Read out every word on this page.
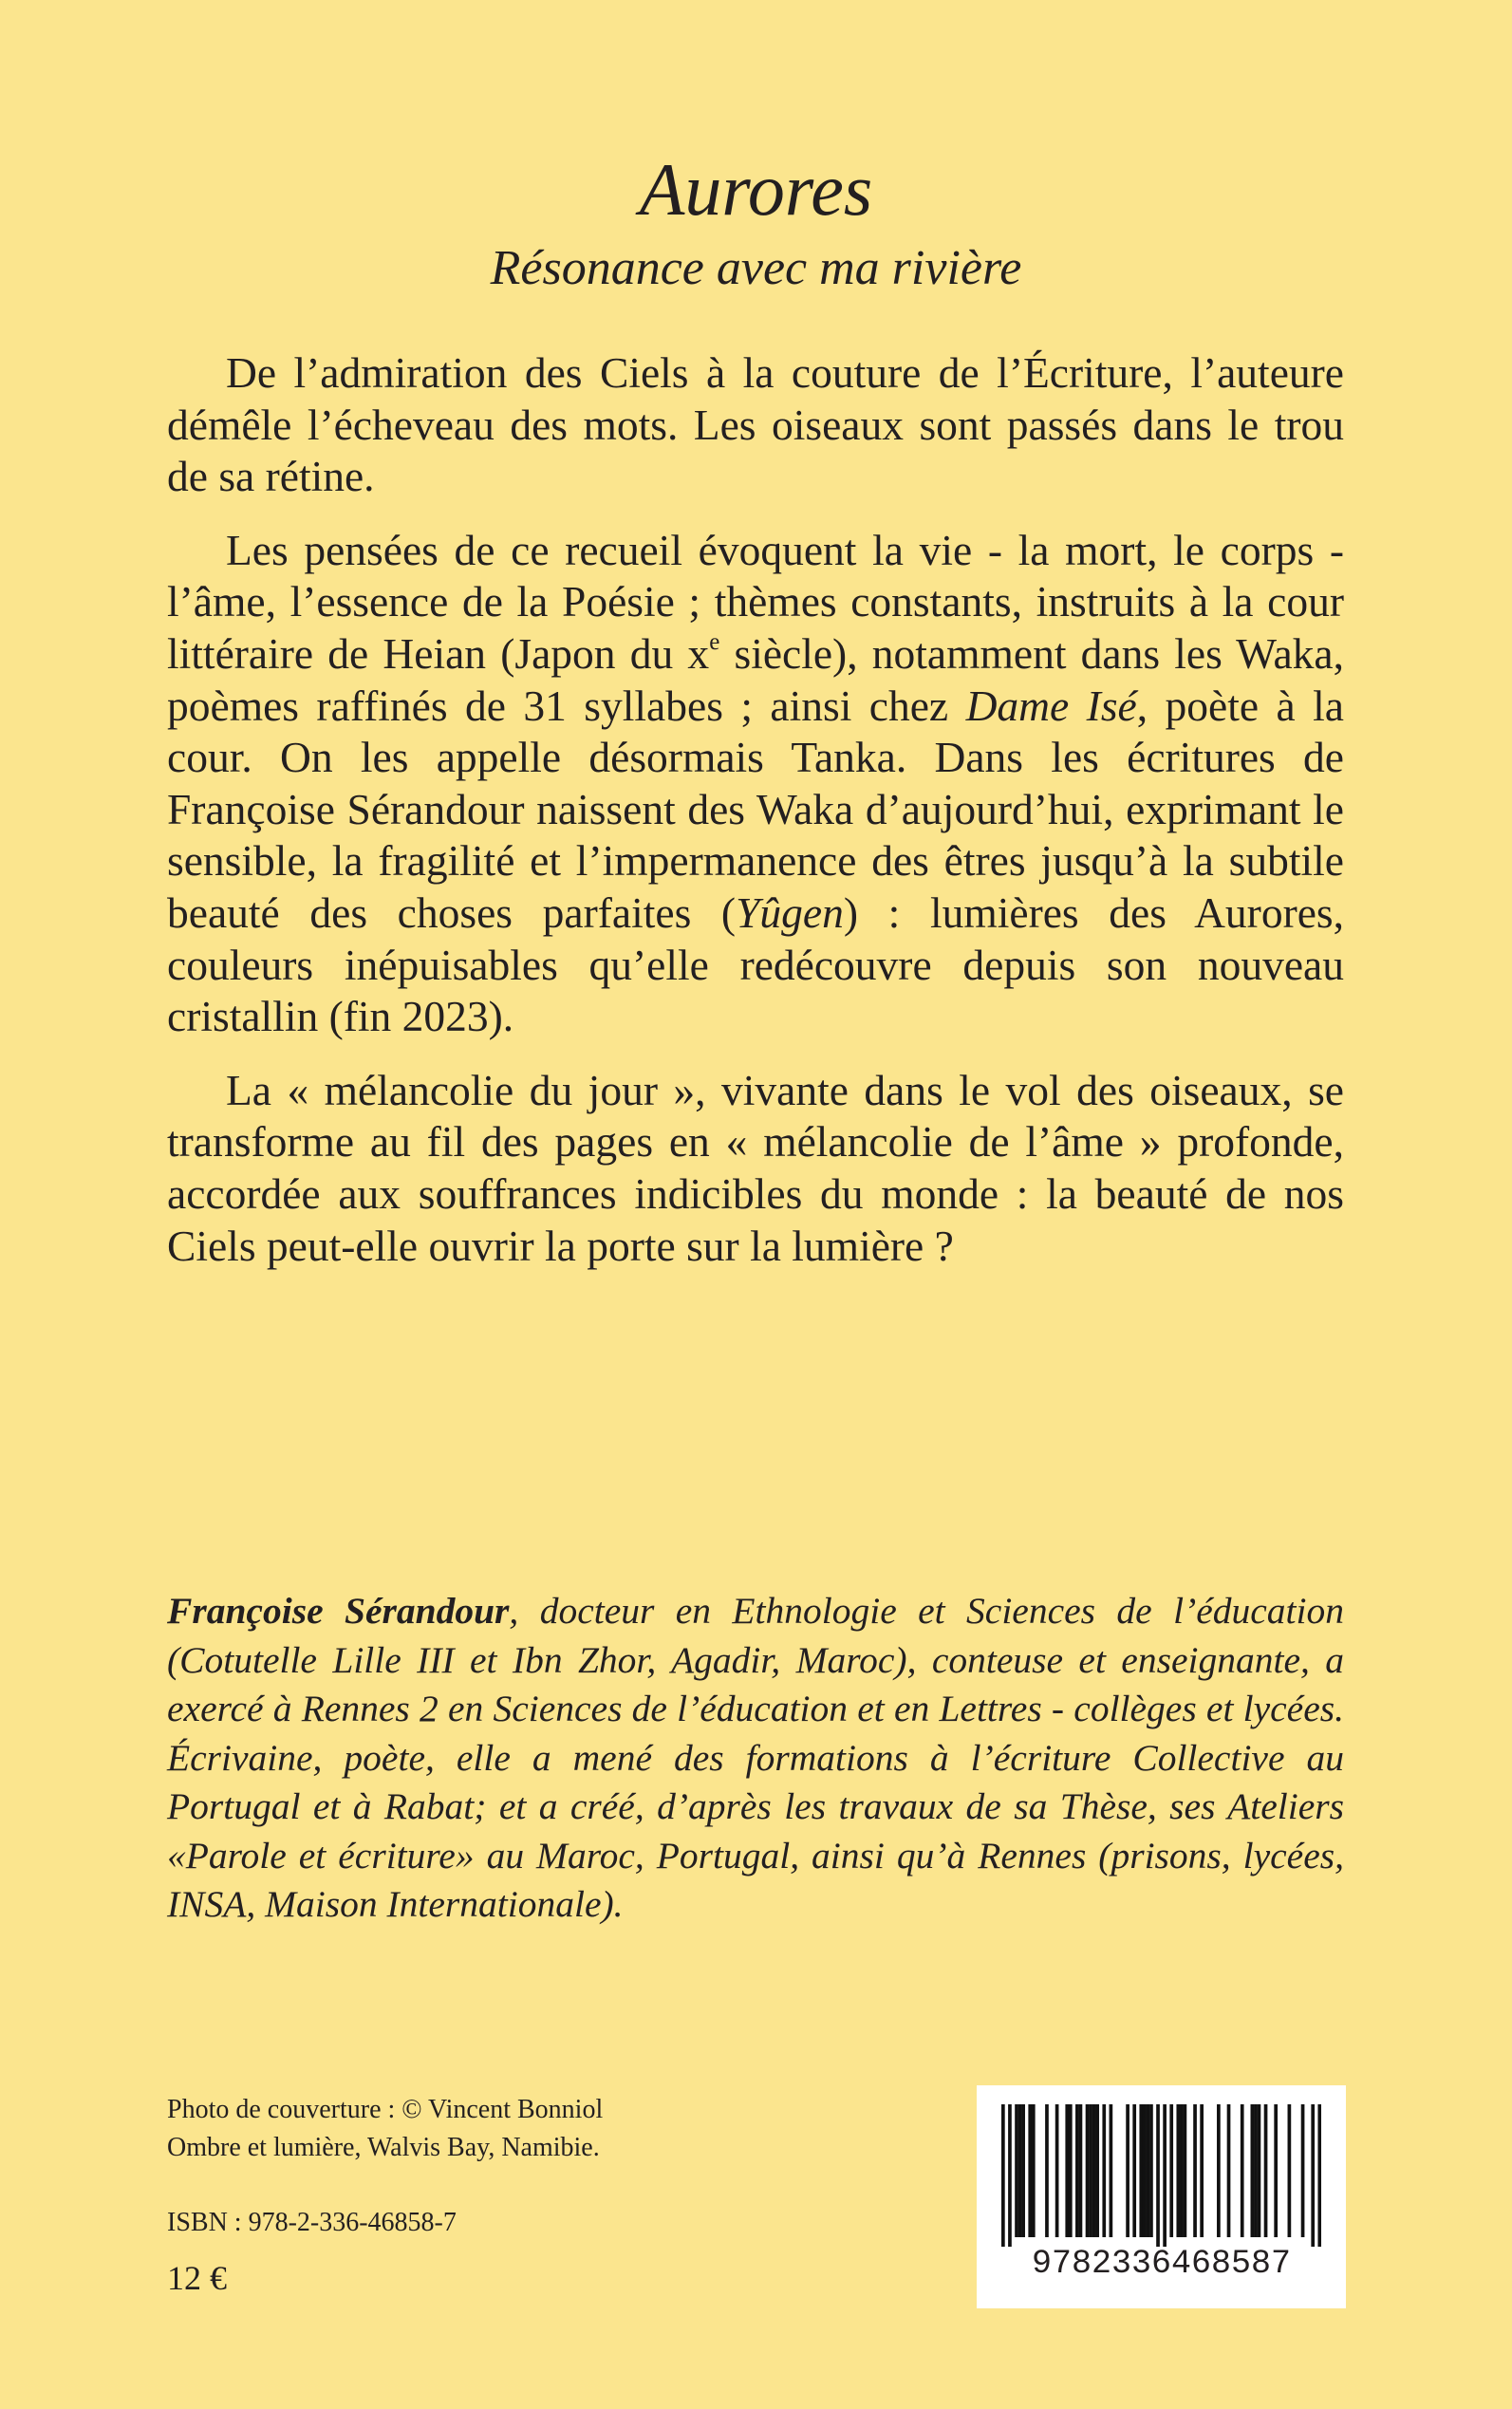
Aurores
Résonance avec ma rivière

De l’admiration des Ciels à la couture de l’Écriture, l’auteure démêle l’écheveau des mots. Les oiseaux sont passés dans le trou de sa rétine.

Les pensées de ce recueil évoquent la vie - la mort, le corps - l’âme, l’essence de la Poésie ; thèmes constants, instruits à la cour littéraire de Heian (Japon du $x^e$ siècle), notamment dans les Waka, poèmes raffinés de 31 syllabes ; ainsi chez Dame Isé, poète à la cour. On les appelle désormais Tanka. Dans les écritures de Françoise Sérandour naissent des Waka d’aujourd’hui, exprimant le sensible, la fragilité et l’impermanence des êtres jusqu’à la subtile beauté des choses parfaites (Yûgen) : lumières des Aurores, couleurs inépuisables qu’elle redécouvre depuis son nouveau cristallin (fin 2023).

La « mélancolie du jour », vivante dans le vol des oiseaux, se transforme au fil des pages en « mélancolie de l’âme » profonde, accordée aux souffrances indicibles du monde : la beauté de nos Ciels peut-elle ouvrir la porte sur la lumière ?

Françoise Sérandour, docteur en Ethnologie et Sciences de l’éducation (Cotutelle Lille III et Ibn Zhor, Agadir, Maroc), conteuse et enseignante, a exercé à Rennes 2 en Sciences de l’éducation et en Lettres - collèges et lycées. Écrivaine, poète, elle a mené des formations à l’écriture Collective au Portugal et à Rabat; et a créé, d’après les travaux de sa Thèse, ses Ateliers «Parole et écriture» au Maroc, Portugal, ainsi qu’à Rennes (prisons, lycées, INSA, Maison Internationale).

Photo de couverture : © Vincent Bonniol
Ombre et lumière, Walvis Bay, Namibie.
ISBN : 978-2-336-46858-7
12 €	9782336468587
